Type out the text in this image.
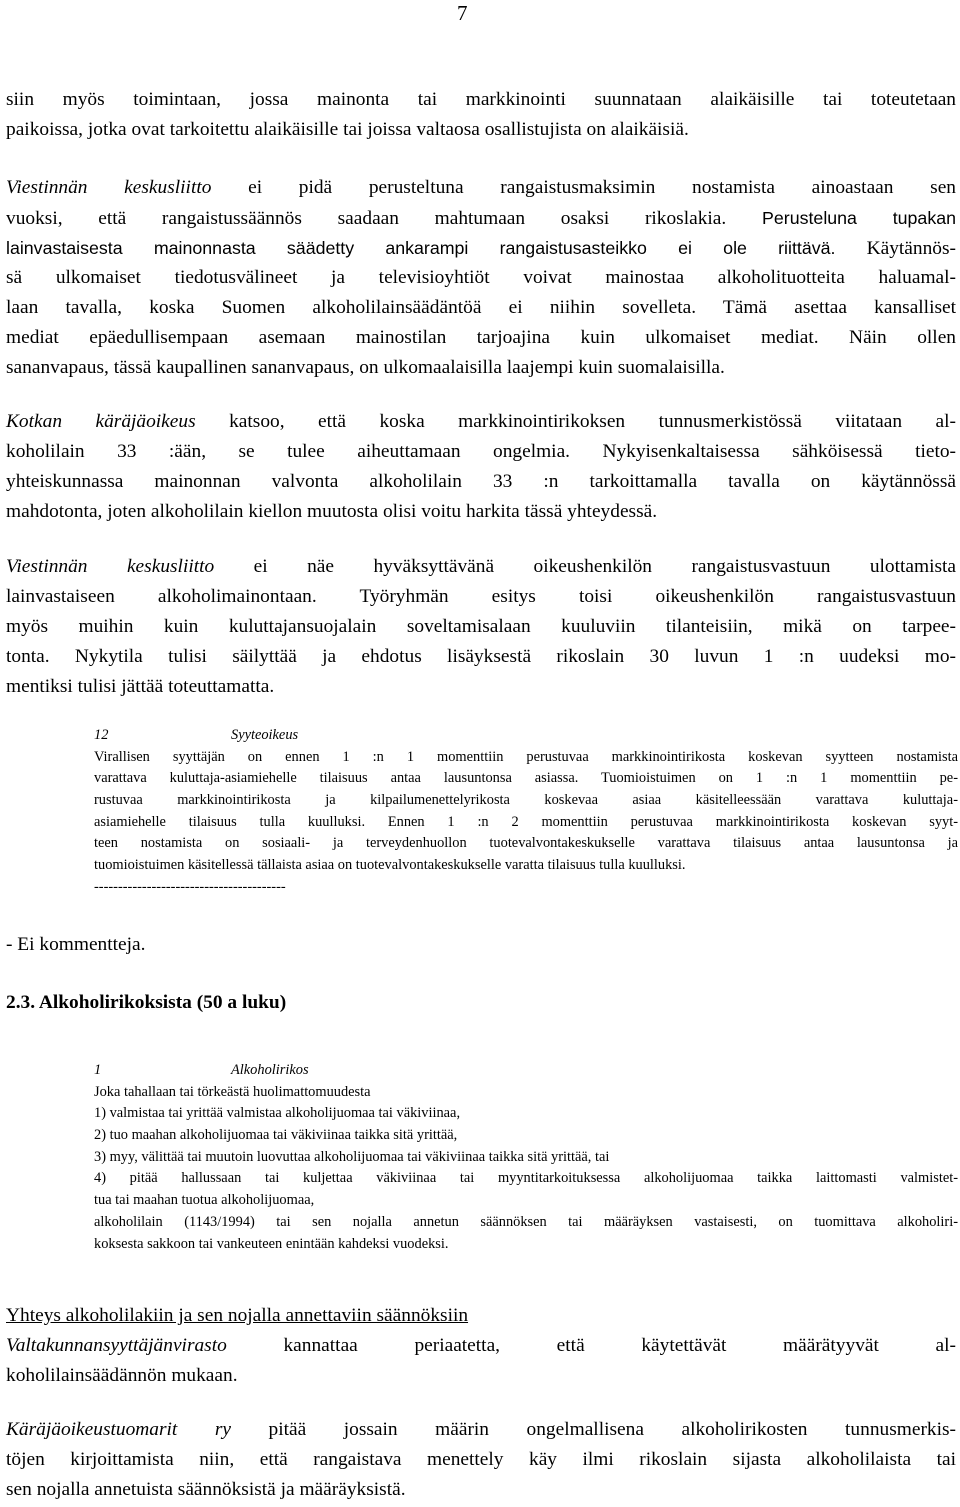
7
siin myös toimintaan, jossa mainonta tai markkinointi suunnataan alaikäisille tai toteutetaan
paikoissa, jotka ovat tarkoitettu alaikäisille tai joissa valtaosa osallistujista on alaikäisiä.
Viestinnän keskusliitto ei pidä perusteltuna rangaistusmaksimin nostamista ainoastaan sen
vuoksi, että rangaistussäännös saadaan mahtumaan osaksi rikoslakia. Perusteluna tupakan
lainvastaisesta mainonnasta säädetty ankarampi rangaistusasteikko ei ole riittävä. Käytännös-
sä ulkomaiset tiedotusvälineet ja televisioyhtiöt voivat mainostaa alkoholituotteita haluamal-
laan tavalla, koska Suomen alkoholilainsäädäntöä ei niihin sovelleta. Tämä asettaa kansalliset
mediat epäedullisempaan asemaan mainostilan tarjoajina kuin ulkomaiset mediat. Näin ollen
sananvapaus, tässä kaupallinen sananvapaus, on ulkomaalaisilla laajempi kuin suomalaisilla.
Kotkan käräjäoikeus katsoo, että koska markkinointirikoksen tunnusmerkistössä viitataan al-
koholilain 33 :ään, se tulee aiheuttamaan ongelmia. Nykyisenkaltaisessa sähköisessä tieto-
yhteiskunnassa mainonnan valvonta alkoholilain 33 :n tarkoittamalla tavalla on käytännössä
mahdotonta, joten alkoholilain kiellon muutosta olisi voitu harkita tässä yhteydessä.
Viestinnän keskusliitto ei näe hyväksyttävänä oikeushenkilön rangaistusvastuun ulottamista
lainvastaiseen alkoholimainontaan. Työryhmän esitys toisi oikeushenkilön rangaistusvastuun
myös muihin kuin kuluttajansuojalain soveltamisalaan kuuluviin tilanteisiin, mikä on tarpee-
tonta. Nykytila tulisi säilyttää ja ehdotus lisäyksestä rikoslain 30 luvun 1 :n uudeksi mo-
mentiksi tulisi jättää toteuttamatta.
12	Syyteoikeus
Virallisen syyttäjän on ennen 1 :n 1 momenttiin perustuvaa markkinointirikosta koskevan syytteen nostamista
varattava kuluttaja-asiamiehelle tilaisuus antaa lausuntonsa asiassa. Tuomioistuimen on 1 :n 1 momenttiin pe-
rustuvaa markkinointirikosta ja kilpailumenettelyrikosta koskevaa asiaa käsitelleessään varattava kuluttaja-
asiamiehelle tilaisuus tulla kuulluksi. Ennen 1 :n 2 momenttiin perustuvaa markkinointirikosta koskevan syyt-
teen nostamista on sosiaali- ja terveydenhuollon tuotevalvontakeskukselle varattava tilaisuus antaa lausuntonsa ja
tuomioistuimen käsitellessä tällaista asiaa on tuotevalvontakeskukselle varatta tilaisuus tulla kuulluksi.
----------------------------------------
- Ei kommentteja.
2.3. Alkoholirikoksista (50 a luku)
1	Alkoholirikos
Joka tahallaan tai törkeästä huolimattomuudesta
1) valmistaa tai yrittää valmistaa alkoholijuomaa tai väkiviinaa,
2) tuo maahan alkoholijuomaa tai väkiviinaa taikka sitä yrittää,
3) myy, välittää tai muutoin luovuttaa alkoholijuomaa tai väkiviinaa taikka sitä yrittää, tai
4) pitää hallussaan tai kuljettaa väkiviinaa tai myyntitarkoituksessa alkoholijuomaa taikka laittomasti valmistet-
tua tai maahan tuotua alkoholijuomaa,
alkoholilain (1143/1994) tai sen nojalla annetun säännöksen tai määräyksen vastaisesti, on tuomittava alkoholiri-
koksesta sakkoon tai vankeuteen enintään kahdeksi vuodeksi.
Yhteys alkoholilakiin ja sen nojalla annettaviin säännöksiin
Valtakunnansyyttäjänvirasto kannattaa periaatetta, että käytettävät määrätyyvät al-
koholilainsäädännön mukaan.
Käräjäoikeustuomarit ry pitää jossain määrin ongelmallisena alkoholirikosten tunnusmerkis-
töjen kirjoittamista niin, että rangaistava menettely käy ilmi rikoslain sijasta alkoholilaista tai
sen nojalla annetuista säännöksistä ja määräyksistä.
